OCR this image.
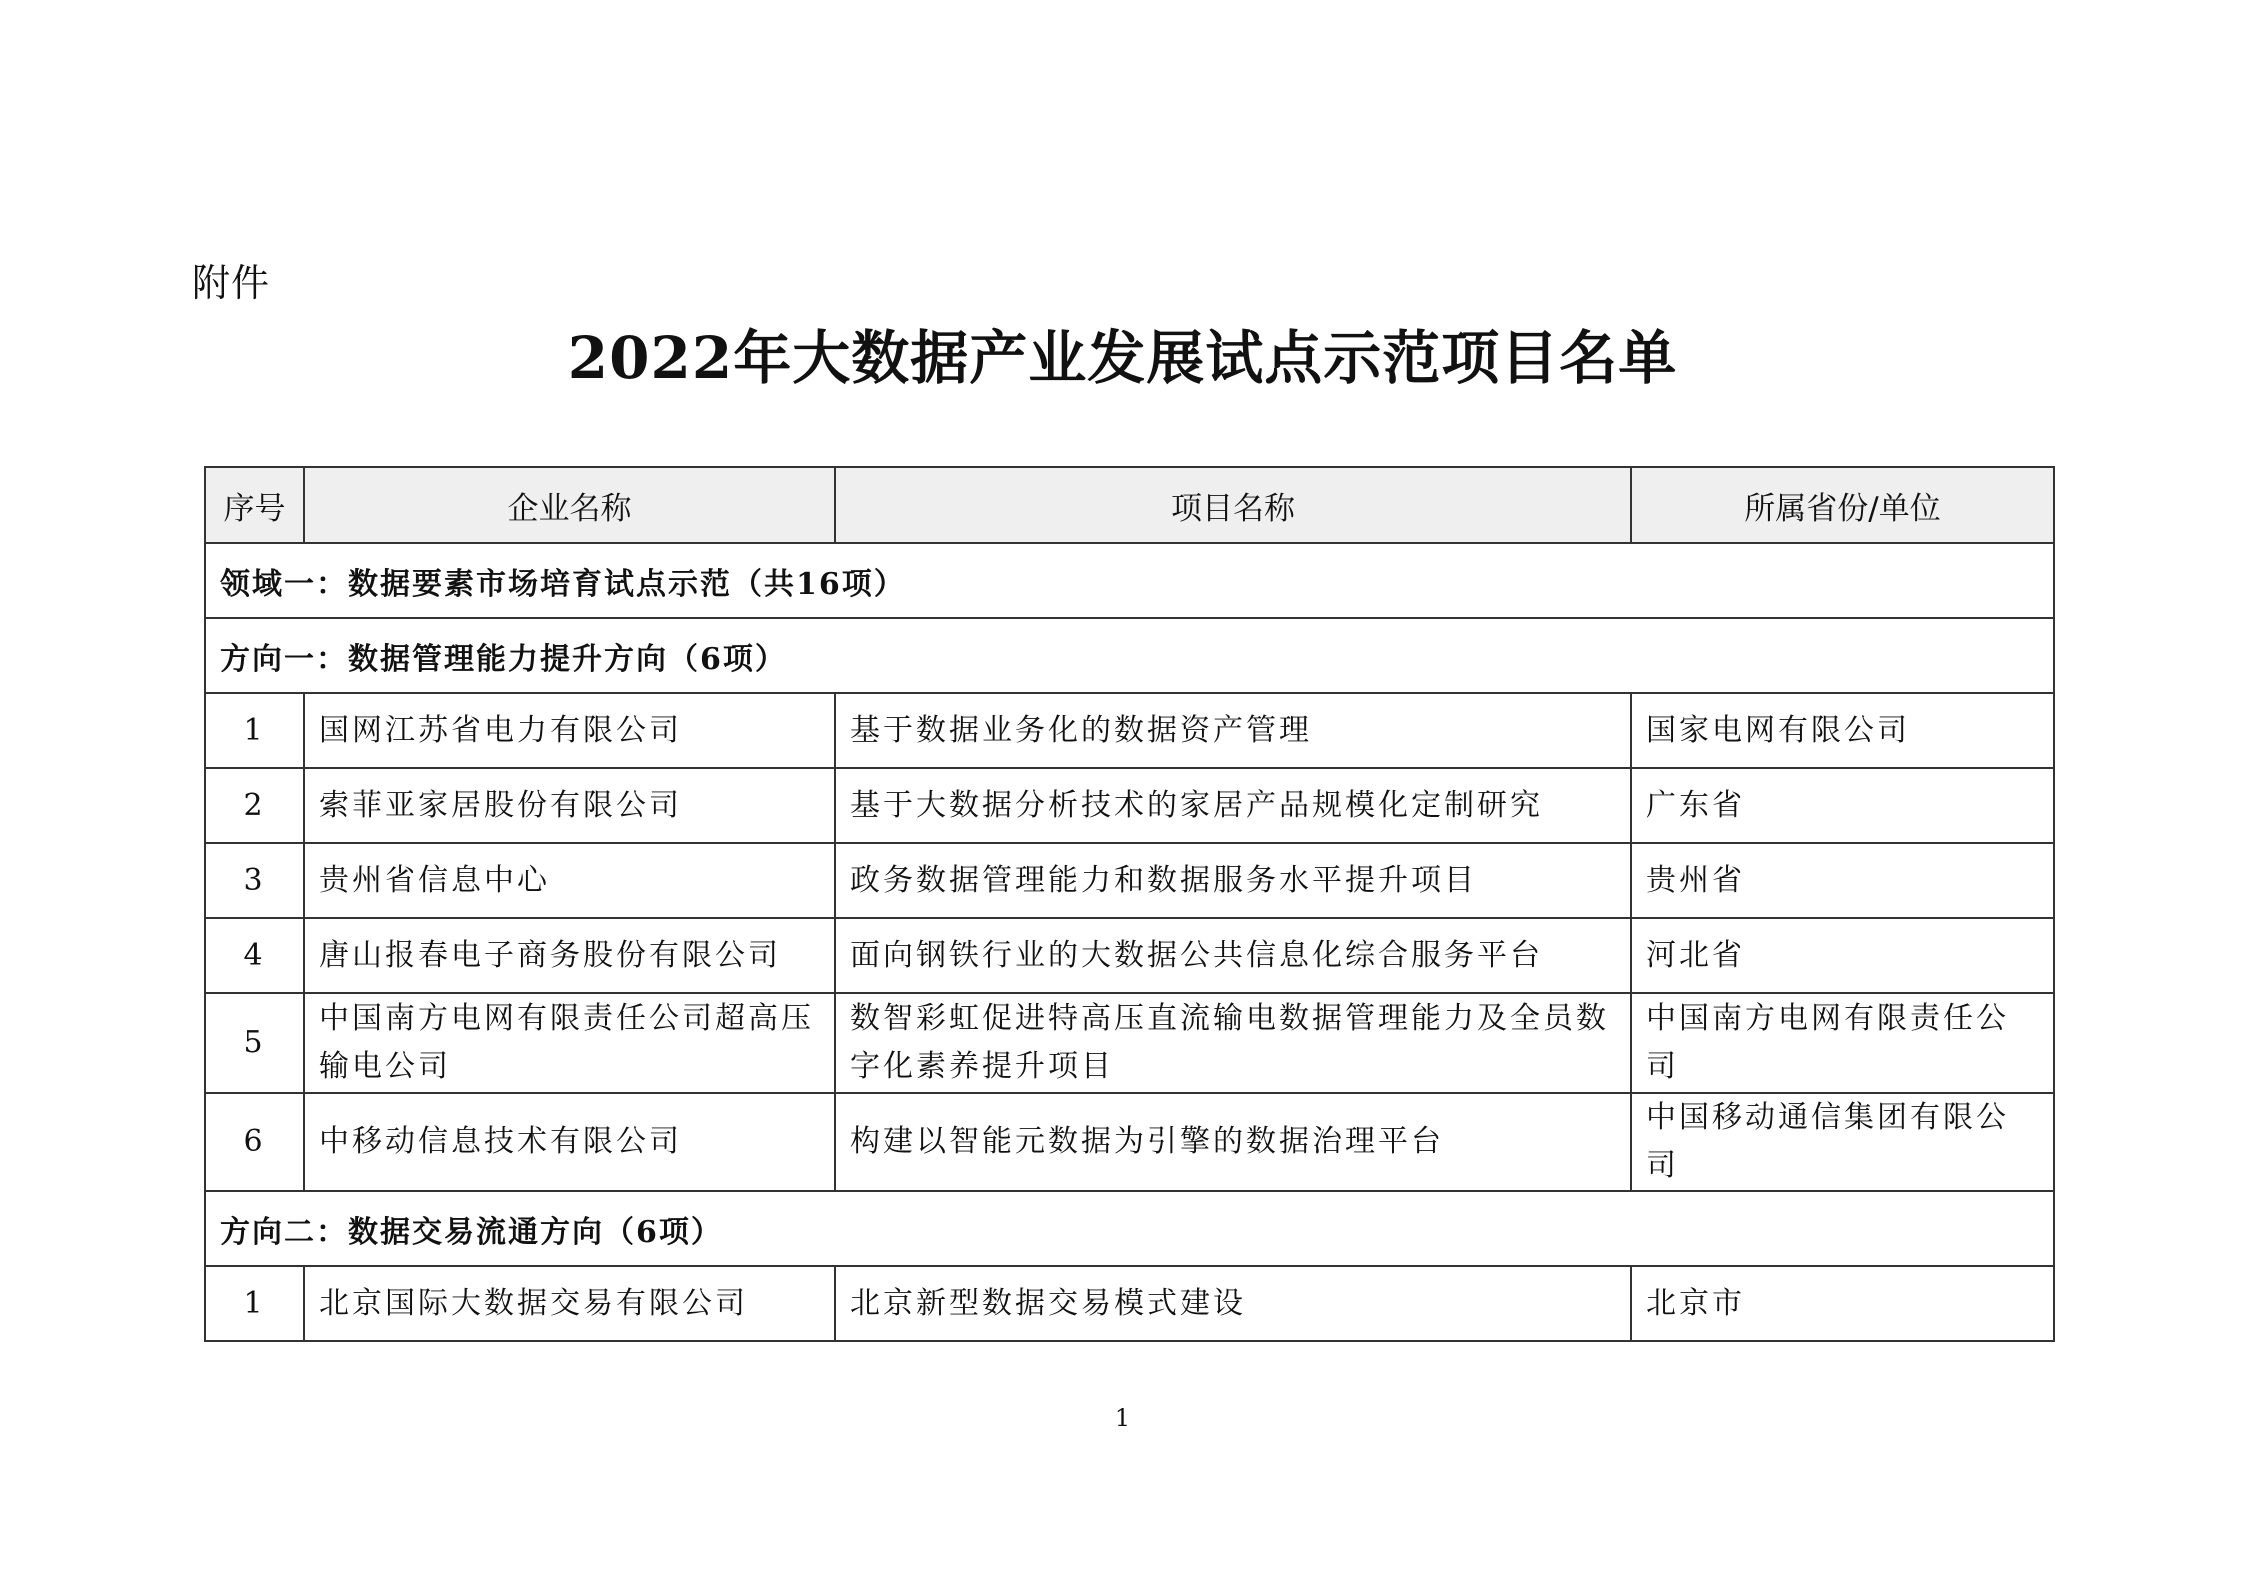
附件
2022年大数据产业发展试点示范项目名单
序号	企业名称	项目名称	所属省份/单位
领域一：数据要素市场培育试点示范（共16项）			
方向一：数据管理能力提升方向（6项）			
1	国网江苏省电力有限公司	基于数据业务化的数据资产管理	国家电网有限公司
2	索菲亚家居股份有限公司	基于大数据分析技术的家居产品规模化定制研究	广东省
3	贵州省信息中心	政务数据管理能力和数据服务水平提升项目	贵州省
4	唐山报春电子商务股份有限公司	面向钢铁行业的大数据公共信息化综合服务平台	河北省
5	中国南方电网有限责任公司超高压输电公司	数智彩虹促进特高压直流输电数据管理能力及全员数字化素养提升项目	中国南方电网有限责任公司
6	中移动信息技术有限公司	构建以智能元数据为引擎的数据治理平台	中国移动通信集团有限公司
方向二：数据交易流通方向（6项）			
1	北京国际大数据交易有限公司	北京新型数据交易模式建设	北京市
1
